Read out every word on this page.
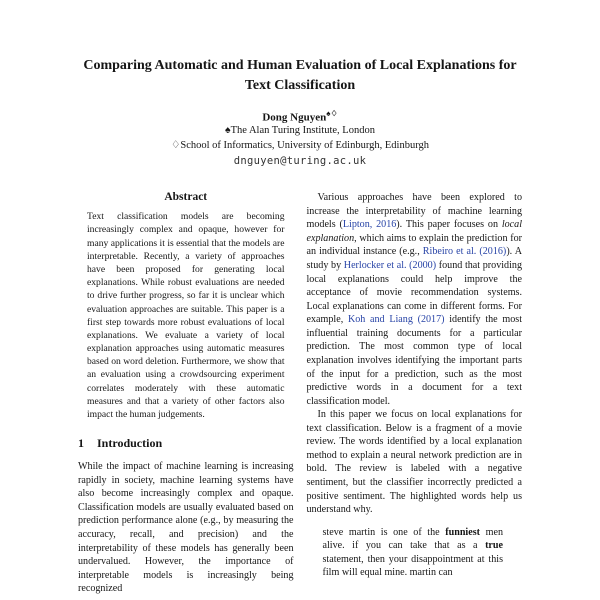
Comparing Automatic and Human Evaluation of Local Explanations for Text Classification
Dong Nguyen♠♢
♠The Alan Turing Institute, London
♢School of Informatics, University of Edinburgh, Edinburgh
dnguyen@turing.ac.uk
Abstract

Text classification models are becoming increasingly complex and opaque, however for many applications it is essential that the models are interpretable. Recently, a variety of approaches have been proposed for generating local explanations. While robust evaluations are needed to drive further progress, so far it is unclear which evaluation approaches are suitable. This paper is a first step towards more robust evaluations of local explanations. We evaluate a variety of local explanation approaches using automatic measures based on word deletion. Furthermore, we show that an evaluation using a crowdsourcing experiment correlates moderately with these automatic measures and that a variety of other factors also impact the human judgements.

1 Introduction

While the impact of machine learning is increasing rapidly in society, machine learning systems have also become increasingly complex and opaque. Classification models are usually evaluated based on prediction performance alone (e.g., by measuring the accuracy, recall, and precision) and the interpretability of these models has generally been undervalued. However, the importance of interpretable models is increasingly being recognized

Various approaches have been explored to increase the interpretability of machine learning models (Lipton, 2016). This paper focuses on local explanation, which aims to explain the prediction for an individual instance (e.g., Ribeiro et al. (2016)). A study by Herlocker et al. (2000) found that providing local explanations could help improve the acceptance of movie recommendation systems. Local explanations can come in different forms. For example, Koh and Liang (2017) identify the most influential training documents for a particular prediction. The most common type of local explanation involves identifying the important parts of the input for a prediction, such as the most predictive words in a document for a text classification model.

In this paper we focus on local explanations for text classification. Below is a fragment of a movie review. The words identified by a local explanation method to explain a neural network prediction are in bold. The review is labeled with a negative sentiment, but the classifier incorrectly predicted a positive sentiment. The highlighted words help us understand why.

steve martin is one of the funniest men alive. if you can take that as a true statement, then your disappointment at this film will equal mine. martin can
